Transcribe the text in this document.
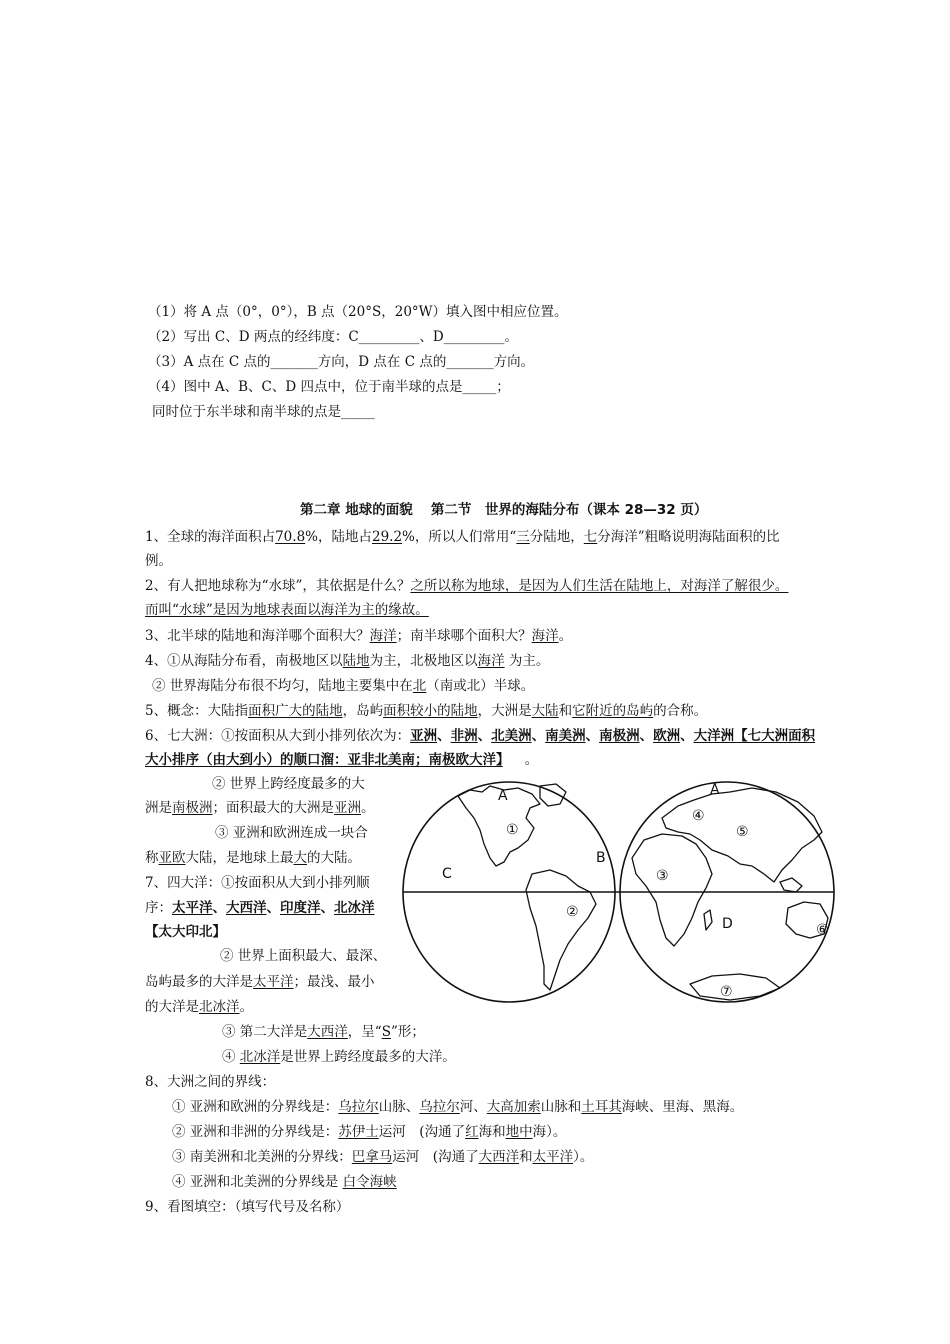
（1）将 A 点（0°，0°），B 点（20°S，20°W）填入图中相应位置。
（2）写出 C、D 两点的经纬度：C_________、D_________。
（3）A 点在 C 点的_______方向，D 点在 C 点的_______方向。
（4）图中 A、B、C、D 四点中，位于南半球的点是_____；
同时位于东半球和南半球的点是_____
第二章 地球的面貌　 第二节　世界的海陆分布（课本 28—32 页）
1、全球的海洋面积占70.8%，陆地占29.2%，所以人们常用“三分陆地，七分海洋”粗略说明海陆面积的比
例。
2、有人把地球称为“水球”，其依据是什么？之所以称为地球，是因为人们生活在陆地上，对海洋了解很少。
而叫“水球”是因为地球表面以海洋为主的缘故。
3、北半球的陆地和海洋哪个面积大？海洋；南半球哪个面积大？海洋。
4、①从海陆分布看，南极地区以陆地为主，北极地区以海洋 为主。
② 世界海陆分布很不均匀，陆地主要集中在北（南或北）半球。
5、概念：大陆指面积广大的陆地，岛屿面积较小的陆地，大洲是大陆和它附近的岛屿的合称。
6、七大洲：①按面积从大到小排列依次为：亚洲、非洲、北美洲、南美洲、南极洲、欧洲、大洋洲【七大洲面积
大小排序（由大到小）的顺口溜：亚非北美南；南极欧大洋】 。
② 世界上跨经度最多的大
洲是南极洲；面积最大的大洲是亚洲。
③ 亚洲和欧洲连成一块合
称亚欧大陆，是地球上最大的大陆。
7、四大洋：①按面积从大到小排列顺
序：太平洋、大西洋、印度洋、北冰洋
【太大印北】
② 世界上面积最大、最深、
岛屿最多的大洋是太平洋；最浅、最小
的大洋是北冰洋。
③ 第二大洋是大西洋，呈“S”形；
④ 北冰洋是世界上跨经度最多的大洋。
8、大洲之间的界线：
① 亚洲和欧洲的分界线是：乌拉尔山脉、乌拉尔河、大高加索山脉和土耳其海峡、里海、黑海。
② 亚洲和非洲的分界线是：苏伊士运河　(沟通了红海和地中海）。
③ 南美洲和北美洲的分界线：巴拿马运河　(沟通了大西洋和太平洋）。
④ 亚洲和北美洲的分界线是 白令海峡
9、看图填空：（填写代号及名称）
A
B
C
①
②
A
③
④
⑤
D	⑥
⑦
